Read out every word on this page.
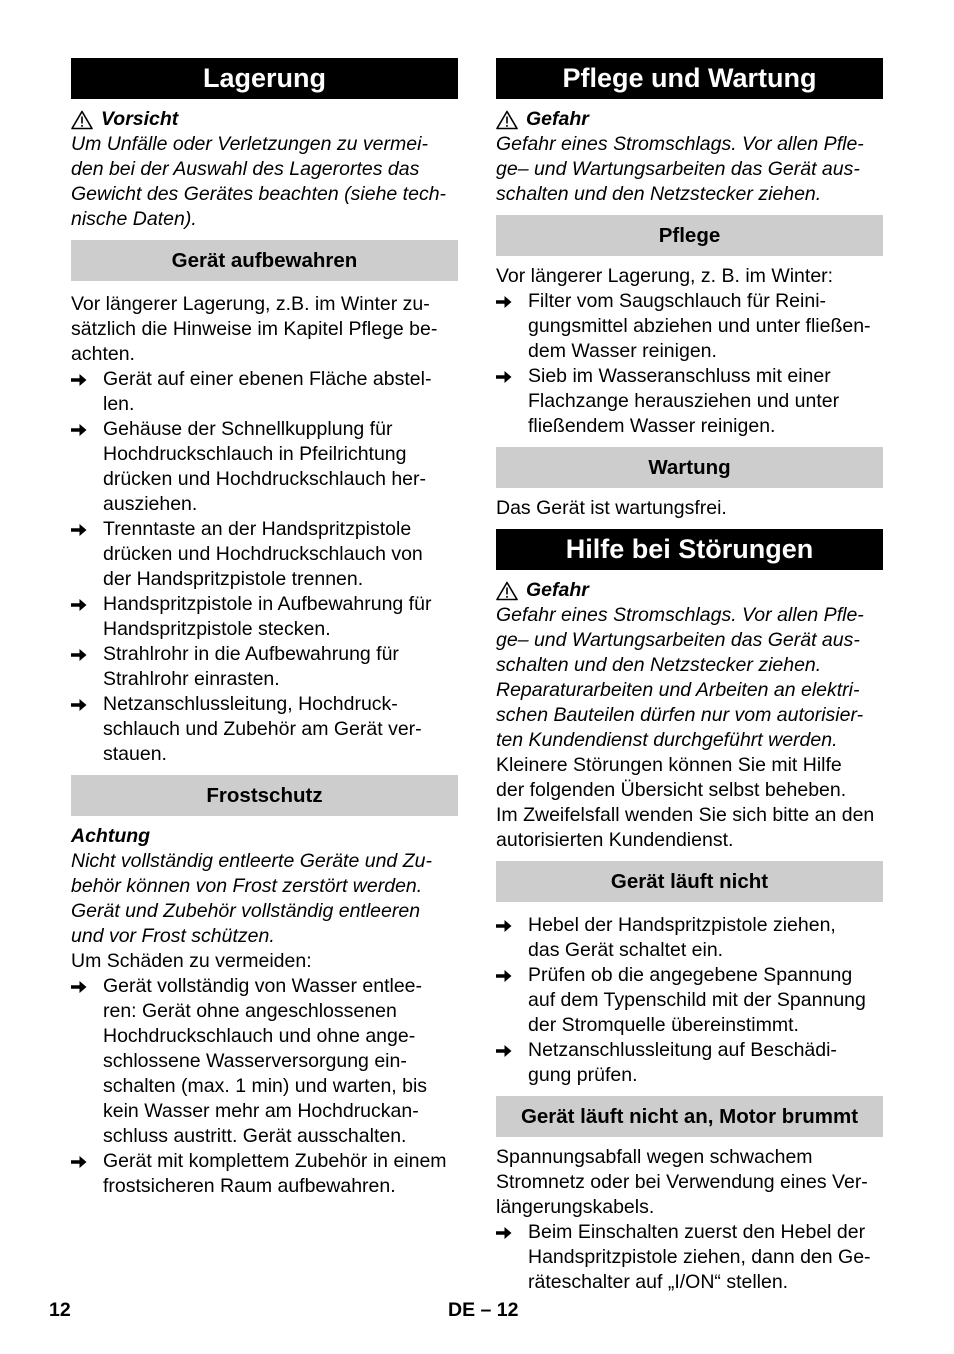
Lagerung
Vorsicht
Um Unfälle oder Verletzungen zu vermei-
den bei der Auswahl des Lagerortes das
Gewicht des Gerätes beachten (siehe tech-
nische Daten).
Gerät aufbewahren
Vor längerer Lagerung, z.B. im Winter zu-
sätzlich die Hinweise im Kapitel Pflege be-
achten.
Gerät auf einer ebenen Fläche abstel-
len.
Gehäuse der Schnellkupplung für
Hochdruckschlauch in Pfeilrichtung
drücken und Hochdruckschlauch her-
ausziehen.
Trenntaste an der Handspritzpistole
drücken und Hochdruckschlauch von
der Handspritzpistole trennen.
Handspritzpistole in Aufbewahrung für
Handspritzpistole stecken.
Strahlrohr in die Aufbewahrung für
Strahlrohr einrasten.
Netzanschlussleitung, Hochdruck-
schlauch und Zubehör am Gerät ver-
stauen.
Frostschutz
Achtung
Nicht vollständig entleerte Geräte und Zu-
behör können von Frost zerstört werden.
Gerät und Zubehör vollständig entleeren
und vor Frost schützen.
Um Schäden zu vermeiden:
Gerät vollständig von Wasser entlee-
ren: Gerät ohne angeschlossenen
Hochdruckschlauch und ohne ange-
schlossene Wasserversorgung ein-
schalten (max. 1 min) und warten, bis
kein Wasser mehr am Hochdruckan-
schluss austritt. Gerät ausschalten.
Gerät mit komplettem Zubehör in einem
frostsicheren Raum aufbewahren.
Pflege und Wartung
Gefahr
Gefahr eines Stromschlags. Vor allen Pfle-
ge– und Wartungsarbeiten das Gerät aus-
schalten und den Netzstecker ziehen.
Pflege
Vor längerer Lagerung, z. B. im Winter:
Filter vom Saugschlauch für Reini-
gungsmittel abziehen und unter fließen-
dem Wasser reinigen.
Sieb im Wasseranschluss mit einer
Flachzange herausziehen und unter
fließendem Wasser reinigen.
Wartung
Das Gerät ist wartungsfrei.
Hilfe bei Störungen
Gefahr
Gefahr eines Stromschlags. Vor allen Pfle-
ge– und Wartungsarbeiten das Gerät aus-
schalten und den Netzstecker ziehen.
Reparaturarbeiten und Arbeiten an elektri-
schen Bauteilen dürfen nur vom autorisier-
ten Kundendienst durchgeführt werden.
Kleinere Störungen können Sie mit Hilfe
der folgenden Übersicht selbst beheben.
Im Zweifelsfall wenden Sie sich bitte an den
autorisierten Kundendienst.
Gerät läuft nicht
Hebel der Handspritzpistole ziehen,
das Gerät schaltet ein.
Prüfen ob die angegebene Spannung
auf dem Typenschild mit der Spannung
der Stromquelle übereinstimmt.
Netzanschlussleitung auf Beschädi-
gung prüfen.
Gerät läuft nicht an, Motor brummt
Spannungsabfall wegen schwachem
Stromnetz oder bei Verwendung eines Ver-
längerungskabels.
Beim Einschalten zuerst den Hebel der
Handspritzpistole ziehen, dann den Ge-
räteschalter auf „I/ON“ stellen.
12	DE – 12
